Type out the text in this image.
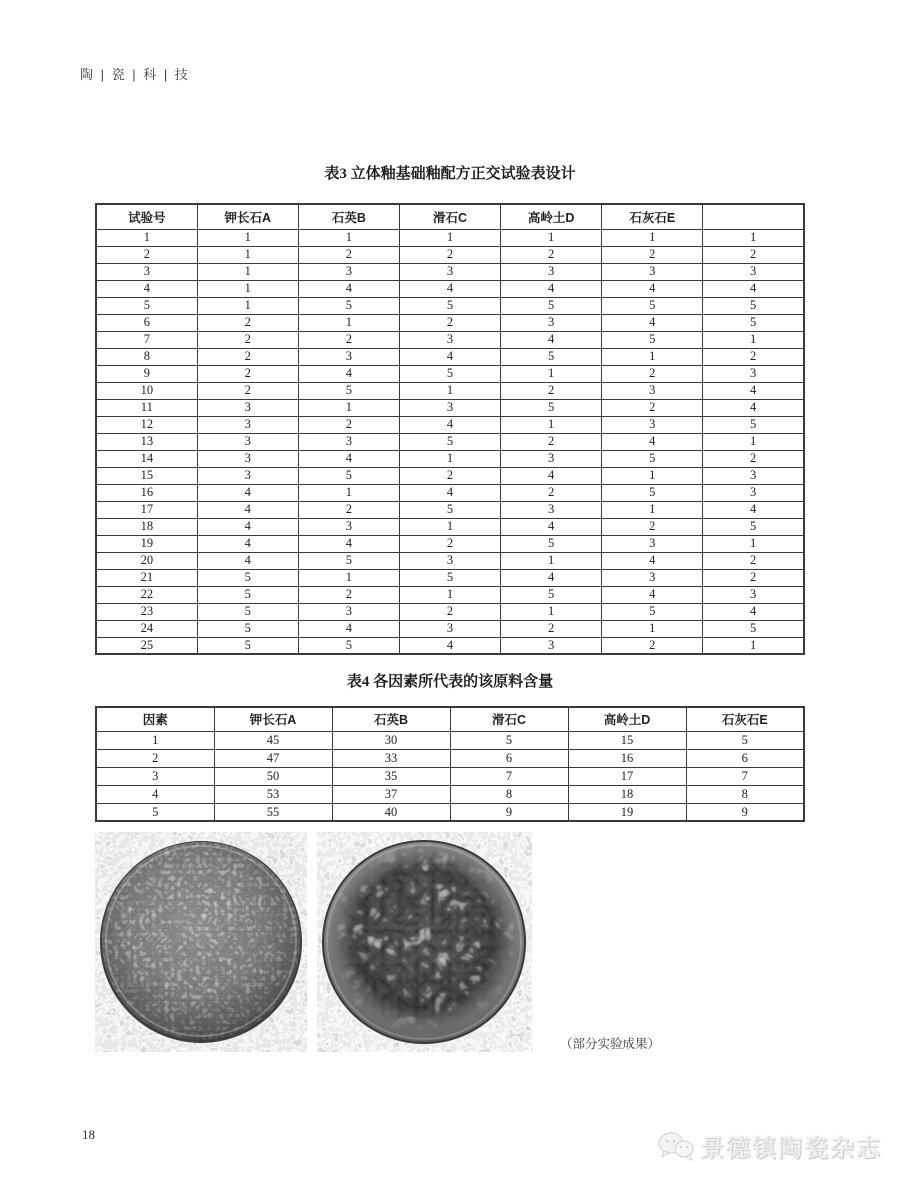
陶 | 瓷 | 科 | 技
表3 立体釉基础釉配方正交试验表设计
试验号	钾长石A	石英B	滑石C	高岭土D	石灰石E	
1	1	1	1	1	1	1
2	1	2	2	2	2	2
3	1	3	3	3	3	3
4	1	4	4	4	4	4
5	1	5	5	5	5	5
6	2	1	2	3	4	5
7	2	2	3	4	5	1
8	2	3	4	5	1	2
9	2	4	5	1	2	3
10	2	5	1	2	3	4
11	3	1	3	5	2	4
12	3	2	4	1	3	5
13	3	3	5	2	4	1
14	3	4	1	3	5	2
15	3	5	2	4	1	3
16	4	1	4	2	5	3
17	4	2	5	3	1	4
18	4	3	1	4	2	5
19	4	4	2	5	3	1
20	4	5	3	1	4	2
21	5	1	5	4	3	2
22	5	2	1	5	4	3
23	5	3	2	1	5	4
24	5	4	3	2	1	5
25	5	5	4	3	2	1
表4 各因素所代表的该原料含量
因素	钾长石A	石英B	滑石C	高岭土D	石灰石E
1	45	30	5	15	5
2	47	33	6	16	6
3	50	35	7	17	7
4	53	37	8	18	8
5	55	40	9	19	9
（部分实验成果）
18
景德镇陶瓷杂志
